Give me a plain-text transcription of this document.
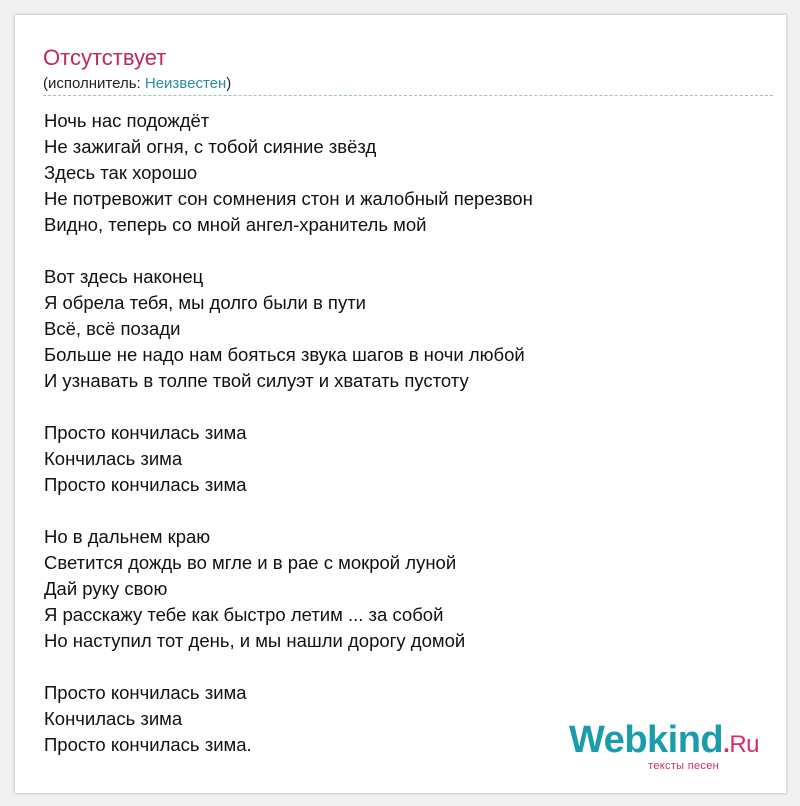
Отсутствует
(исполнитель: Неизвестен)
Ночь нас подождёт
Не зажигай огня, с тобой сияние звёзд
Здесь так хорошо
Не потревожит сон сомнения стон и жалобный перезвон
Видно, теперь со мной ангел-хранитель мой
Вот здесь наконец
Я обрела тебя, мы долго были в пути
Всё, всё позади
Больше не надо нам бояться звука шагов в ночи любой
И узнавать в толпе твой силуэт и хватать пустоту
Просто кончилась зима
Кончилась зима
Просто кончилась зима
Но в дальнем краю
Светится дождь во мгле и в рае с мокрой луной
Дай руку свою
Я расскажу тебе как быстро летим ... за собой
Но наступил тот день, и мы нашли дорогу домой
Просто кончилась зима
Кончилась зима
Просто кончилась зима.	Webkind.Ru
тексты песен
